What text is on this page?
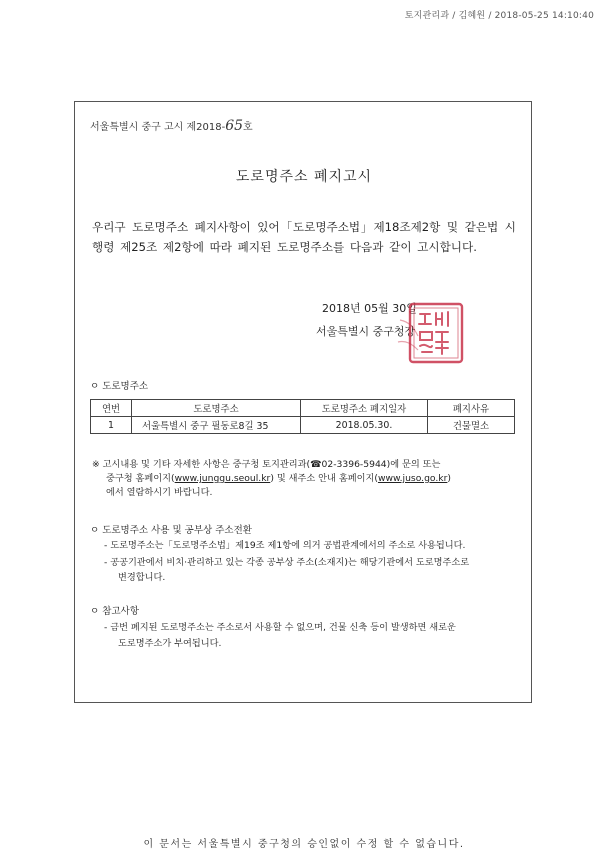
토지관리과 / 김혜원 / 2018-05-25 14:10:40
서울특별시 중구 고시 제2018-65호
도로명주소 폐지고시
우리구 도로명주소 폐지사항이 있어「도로명주소법」제18조제2항 및 같은법 시행령 제25조 제2항에 따라 폐지된 도로명주소를 다음과 같이 고시합니다.
2018년 05월 30일
서울특별시 중구청장
ㅇ 도로명주소
연번	도로명주소	도로명주소 폐지일자	폐지사유
1	서울특별시 중구 필동로8길 35	2018.05.30.	건물멸소
※ 고시내용 및 기타 자세한 사항은 중구청 토지관리과(☎02-3396-5944)에 문의 또는
중구청 홈페이지(www.junggu.seoul.kr) 및 새주소 안내 홈페이지(www.juso.go.kr)
에서 열람하시기 바랍니다.
ㅇ 도로명주소 사용 및 공부상 주소전환
- 도로명주소는「도로명주소법」제19조 제1항에 의거 공법관계에서의 주소로 사용됩니다.
- 공공기관에서 비치·관리하고 있는 각종 공부상 주소(소재지)는 해당기관에서 도로명주소로
변경합니다.
ㅇ 참고사항
- 금번 폐지된 도로명주소는 주소로서 사용할 수 없으며, 건물 신축 등이 발생하면 새로운
도로명주소가 부여됩니다.
이 문서는 서울특별시 중구청의 승인없이 수정 할 수 없습니다.
